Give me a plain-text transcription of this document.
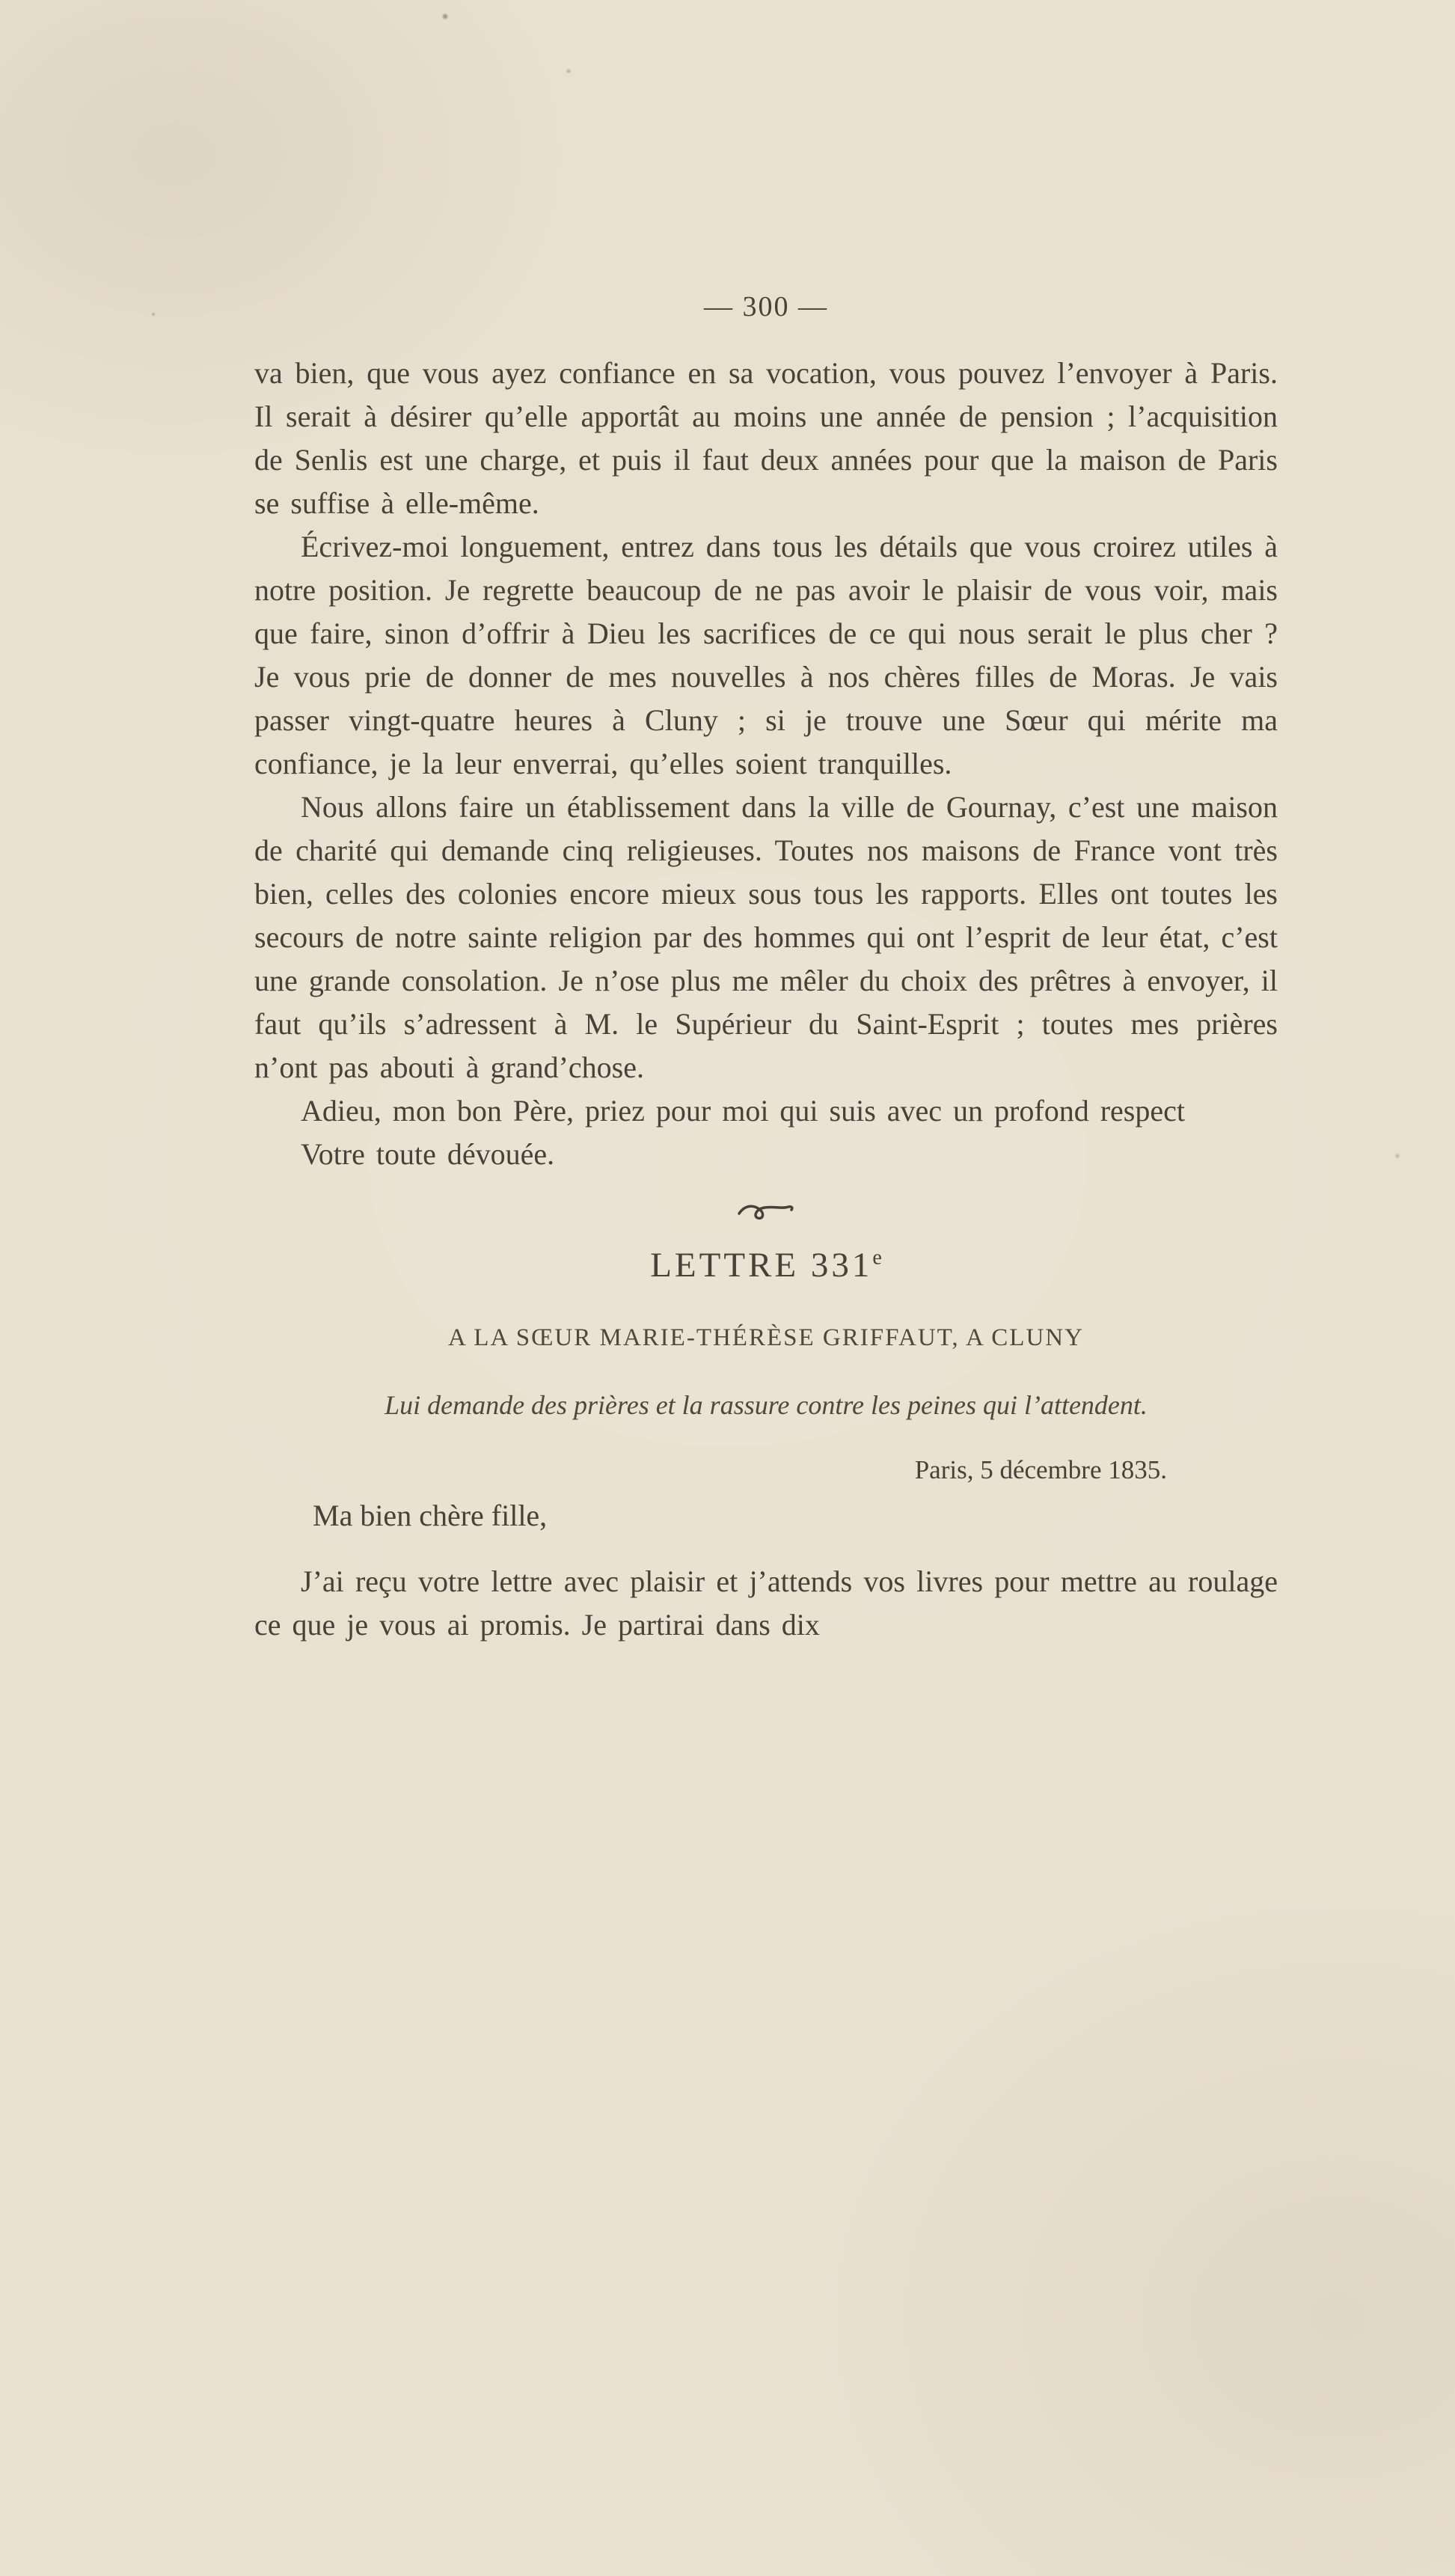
— 300 —

va bien, que vous ayez confiance en sa vocation, vous pouvez l’envoyer à Paris. Il serait à désirer qu’elle apportât au moins une année de pension ; l’acquisition de Senlis est une charge, et puis il faut deux années pour que la maison de Paris se suffise à elle-même.

Écrivez-moi longuement, entrez dans tous les détails que vous croirez utiles à notre position. Je regrette beaucoup de ne pas avoir le plaisir de vous voir, mais que faire, sinon d’offrir à Dieu les sacrifices de ce qui nous serait le plus cher ? Je vous prie de donner de mes nouvelles à nos chères filles de Moras. Je vais passer vingt-quatre heures à Cluny ; si je trouve une Sœur qui mérite ma confiance, je la leur enverrai, qu’elles soient tranquilles.

Nous allons faire un établissement dans la ville de Gournay, c’est une maison de charité qui demande cinq religieuses. Toutes nos maisons de France vont très bien, celles des colonies encore mieux sous tous les rapports. Elles ont toutes les secours de notre sainte religion par des hommes qui ont l’esprit de leur état, c’est une grande consolation. Je n’ose plus me mêler du choix des prêtres à envoyer, il faut qu’ils s’adressent à M. le Supérieur du Saint-Esprit ; toutes mes prières n’ont pas abouti à grand’chose.

Adieu, mon bon Père, priez pour moi qui suis avec un profond respect

Votre toute dévouée.

LETTRE 331e
A LA SŒUR MARIE-THÉRÈSE GRIFFAUT, A CLUNY
Lui demande des prières et la rassure contre les peines qui l’attendent.
Paris, 5 décembre 1835.
Ma bien chère fille,

J’ai reçu votre lettre avec plaisir et j’attends vos livres pour mettre au roulage ce que je vous ai promis. Je partirai dans dix
